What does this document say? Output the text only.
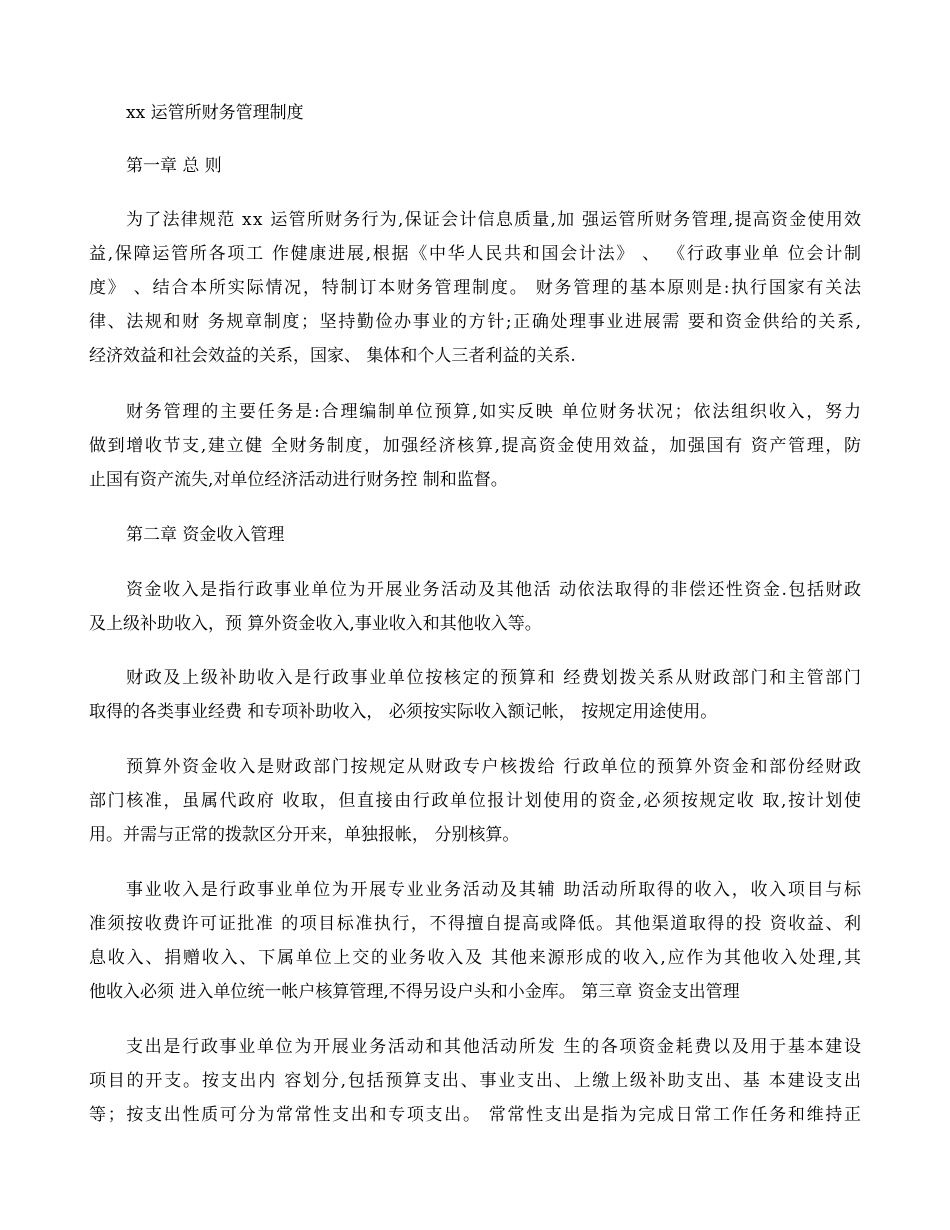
xx 运管所财务管理制度
第一章 总 则
为了法律规范 xx 运管所财务行为,保证会计信息质量,加 强运管所财务管理,提高资金使用效
益,保障运管所各项工 作健康进展,根据《中华人民共和国会计法》 、 《行政事业单 位会计制
度》 、结合本所实际情况，特制订本财务管理制度。 财务管理的基本原则是:执行国家有关法
律、法规和财 务规章制度；坚持勤俭办事业的方针;正确处理事业进展需 要和资金供给的关系,
经济效益和社会效益的关系，国家、 集体和个人三者利益的关系.
财务管理的主要任务是:合理编制单位预算,如实反映 单位财务状况；依法组织收入，努力
做到增收节支,建立健 全财务制度，加强经济核算,提高资金使用效益，加强国有 资产管理，防
止国有资产流失,对单位经济活动进行财务控 制和监督。
第二章 资金收入管理
资金收入是指行政事业单位为开展业务活动及其他活 动依法取得的非偿还性资金.包括财政
及上级补助收入，预 算外资金收入,事业收入和其他收入等。
财政及上级补助收入是行政事业单位按核定的预算和 经费划拨关系从财政部门和主管部门
取得的各类事业经费 和专项补助收入， 必须按实际收入额记帐， 按规定用途使用。
预算外资金收入是财政部门按规定从财政专户核拨给 行政单位的预算外资金和部份经财政
部门核准，虽属代政府 收取，但直接由行政单位报计划使用的资金,必须按规定收 取,按计划使
用。并需与正常的拨款区分开来，单独报帐， 分别核算。
事业收入是行政事业单位为开展专业业务活动及其辅 助活动所取得的收入，收入项目与标
准须按收费许可证批准 的项目标准执行，不得擅自提高或降低。其他渠道取得的投 资收益、利
息收入、捐赠收入、下属单位上交的业务收入及 其他来源形成的收入,应作为其他收入处理,其
他收入必须 进入单位统一帐户核算管理,不得另设户头和小金库。 第三章 资金支出管理
支出是行政事业单位为开展业务活动和其他活动所发 生的各项资金耗费以及用于基本建设
项目的开支。按支出内 容划分,包括预算支出、事业支出、上缴上级补助支出、基 本建设支出
等；按支出性质可分为常常性支出和专项支出。 常常性支出是指为完成日常工作任务和维持正
